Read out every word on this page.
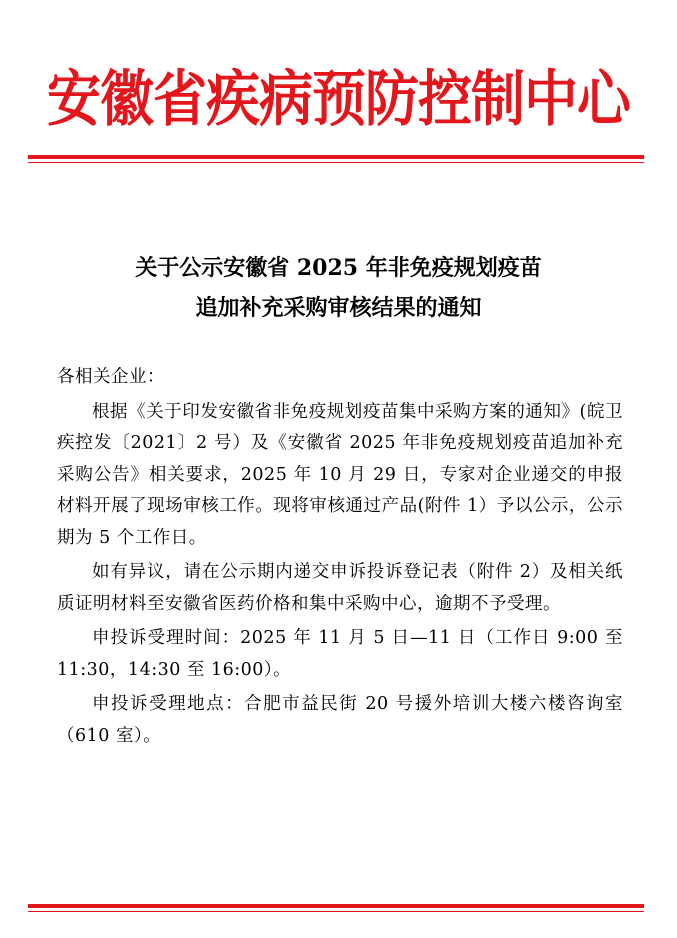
安徽省疾病预防控制中心
关于公示安徽省 2025 年非免疫规划疫苗
追加补充采购审核结果的通知

各相关企业：

根据《关于印发安徽省非免疫规划疫苗集中采购方案的通知》(皖卫疾控发〔2021〕2 号）及《安徽省 2025 年非免疫规划疫苗追加补充采购公告》相关要求，2025 年 10 月 29 日，专家对企业递交的申报材料开展了现场审核工作。现将审核通过产品(附件 1）予以公示，公示期为 5 个工作日。

如有异议，请在公示期内递交申诉投诉登记表（附件 2）及相关纸质证明材料至安徽省医药价格和集中采购中心，逾期不予受理。

申投诉受理时间：2025 年 11 月 5 日—11 日（工作日 9:00 至 11:30，14:30 至 16:00）。

申投诉受理地点：合肥市益民街 20 号援外培训大楼六楼咨询室（610 室）。
